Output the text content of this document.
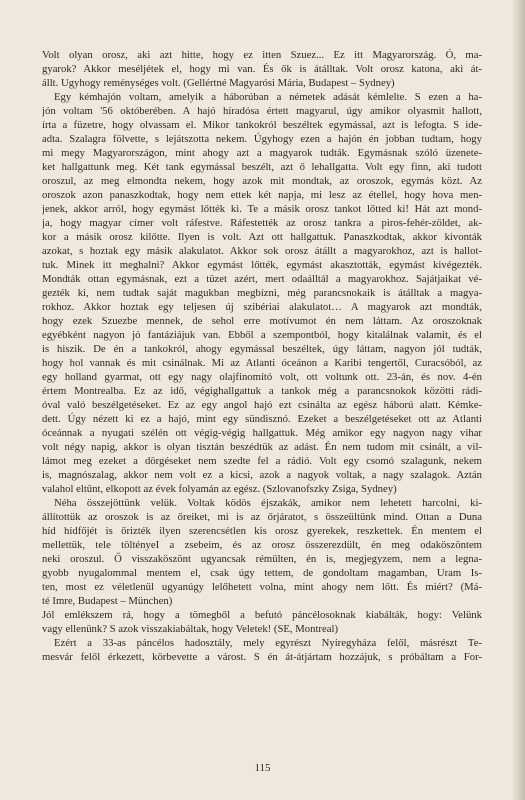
Volt olyan orosz, aki azt hitte, hogy ez itten Szuez... Ez itt Magyarország. Ó, ma-
gyarok? Akkor meséljétek el, hogy mi van. És ők is átálltak. Volt orosz katona, aki át-
állt. Ugyhogy reménységes volt. (Gellértné Magyarósi Mária, Budapest – Sydney)

Egy kémhajón voltam, amelyik a háborúban a németek adását kémlelte. S ezen a ha-
jón voltam '56 októberében. A hajó híradósa értett magyarul, úgy amikor olyasmit hallott,
írta a füzetre, hogy olvassam el. Mikor tankokról beszéltek egymással, azt is lefogta. S ide-
adta. Szalagra fölvette, s lejátszotta nekem. Úgyhogy ezen a hajón én jobban tudtam, hogy
mi megy Magyarországon, mint ahogy azt a magyarok tudták. Egymásnak szóló üzenete-
ket hallgattunk meg. Két tank egymással beszélt, azt ő lehallgatta. Volt egy finn, aki tudott
oroszul, az meg elmondta nekem, hogy azok mit mondtak, az oroszok, egymás közt. Az
oroszok azon panaszkodtak, hogy nem ettek két napja, mi lesz az étellel, hogy hova men-
jenek, akkor arról, hogy egymást lőtték ki. Te a másik orosz tankot lőtted ki! Hát azt mond-
ja, hogy magyar címer volt ráfestve. Ráfestették az orosz tankra a piros-fehér-zöldet, ak-
kor a másik orosz kilőtte. Ilyen is volt. Azt ott hallgattuk. Panaszkodtak, akkor kivonták
azokat, s hoztak egy másik alakulatot. Akkor sok orosz átállt a magyarokhoz, azt is hallot-
tuk. Minek itt meghalni? Akkor egymást lőtték, egymást akasztották, egymást kivégezték.
Mondták ottan egymásnak, ezt a tüzet azért, mert odaálltál a magyarokhoz. Sajátjaikat vé-
gezték ki, nem tudtak saját magukban megbízni, még parancsnokaik is átálltak a magya-
rokhoz. Akkor hoztak egy teljesen új szibériai alakulatot… A magyarok azt mondták,
hogy ezek Szuezbe mennek, de sehol erre motívumot én nem láttam. Az oroszoknak
egyébként nagyon jó fantáziájuk van. Ebből a szempontból, hogy kitalálnak valamit, és el
is hiszik. De én a tankokról, ahogy egymással beszéltek, úgy láttam, nagyon jól tudták,
hogy hol vannak és mit csinálnak. Mi az Atlanti óceánon a Karibi tengertől, Curacsóból, az
egy holland gyarmat, ott egy nagy olajfinomító volt, ott voltunk ott. 23-án, és nov. 4-én
értem Montrealba. Ez az idő, végighallgattuk a tankok még a parancsnokok közötti rádi-
óval való beszélgetéseket. Ez az egy angol hajó ezt csinálta az egész háború alatt. Kémke-
dett. Úgy nézett ki ez a hajó, mint egy sündisznó. Ezeket a beszélgetéseket ott az Atlanti
óceánnak a nyugati szélén ott végig-végig hallgattuk. Még amikor egy nagyon nagy vihar
volt négy napig, akkor is olyan tisztán beszédtük az adást. Én nem tudom mit csinált, a vil-
lámot meg ezeket a dörgéseket nem szedte fel a rádió. Volt egy csomó szalagunk, nekem
is, magnószalag, akkor nem volt ez a kicsi, azok a nagyok voltak, a nagy szalagok. Aztán
valahol eltűnt, elkopott az évek folyamán az egész. (Szlovanofszky Zsiga, Sydney)

Néha összejöttünk velük. Voltak ködös éjszakák, amikor nem lehetett harcolni, ki-
állítottük az oroszok is az őreiket, mi is az őrjáratot, s összeültünk mind. Ottan a Duna
híd hídfőjét is őrizték ilyen szerencsétlen kis orosz gyerekek, reszkettek. Én mentem el
mellettük, tele töltényeI a zsebeim, és az orosz összerezdült, én meg odaköszöntem
neki oroszul. Ő visszaköszönt ugyancsak rémülten, én is, megjegyzem, nem a legna-
gyobb nyugalommal mentem el, csak úgy tettem, de gondoltam magamban, Uram Is-
ten, most ez véletlenül ugyanúgy lelőhetett volna, mint ahogy nem lőtt. És miért? (Má-
té Imre, Budapest – München)

Jól emlékszem rá, hogy a tömegből a befutó páncélosoknak kiabálták, hogy: Velünk
vagy ellenünk? S azok visszakiabáltak, hogy Veletek! (SE, Montreal)

Ezért a 33-as páncélos hadosztály, mely egyrészt Nyíregyháza felől, másrészt Te-
mesvár felől érkezett, körbevette a várost. S én át-átjártam hozzájuk, s próbáltam a For-

115
